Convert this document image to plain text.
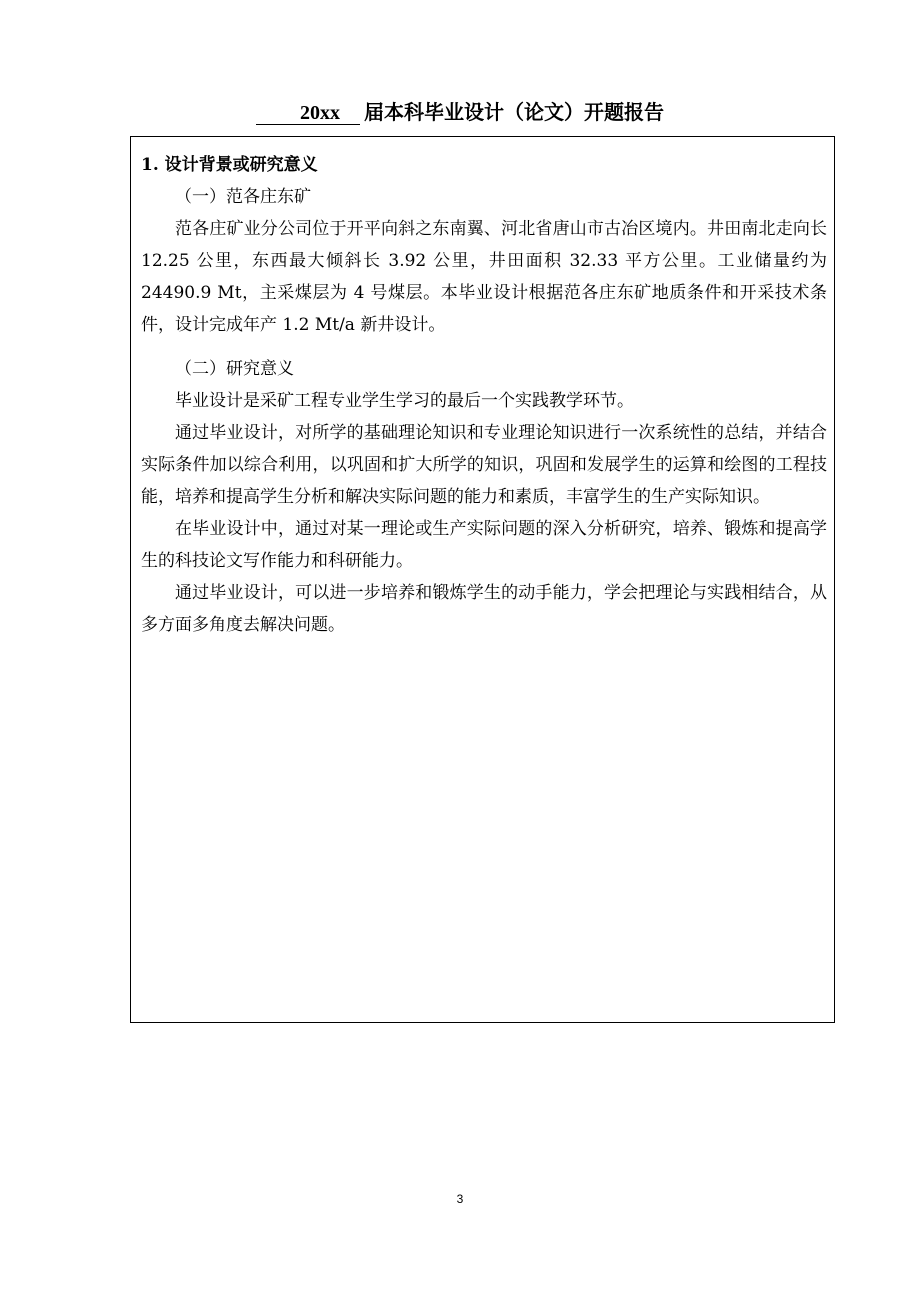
20xx 届本科毕业设计（论文）开题报告
1. 设计背景或研究意义
（一）范各庄东矿

范各庄矿业分公司位于开平向斜之东南翼、河北省唐山市古冶区境内。井田南北走向长 12.25 公里，东西最大倾斜长 3.92 公里，井田面积 32.33 平方公里。工业储量约为 24490.9 Mt，主采煤层为 4 号煤层。本毕业设计根据范各庄东矿地质条件和开采技术条件，设计完成年产 1.2 Mt/a 新井设计。

（二）研究意义

毕业设计是采矿工程专业学生学习的最后一个实践教学环节。

通过毕业设计，对所学的基础理论知识和专业理论知识进行一次系统性的总结，并结合实际条件加以综合利用，以巩固和扩大所学的知识，巩固和发展学生的运算和绘图的工程技能，培养和提高学生分析和解决实际问题的能力和素质，丰富学生的生产实际知识。

在毕业设计中，通过对某一理论或生产实际问题的深入分析研究，培养、锻炼和提高学生的科技论文写作能力和科研能力。

通过毕业设计，可以进一步培养和锻炼学生的动手能力，学会把理论与实践相结合，从多方面多角度去解决问题。

3
